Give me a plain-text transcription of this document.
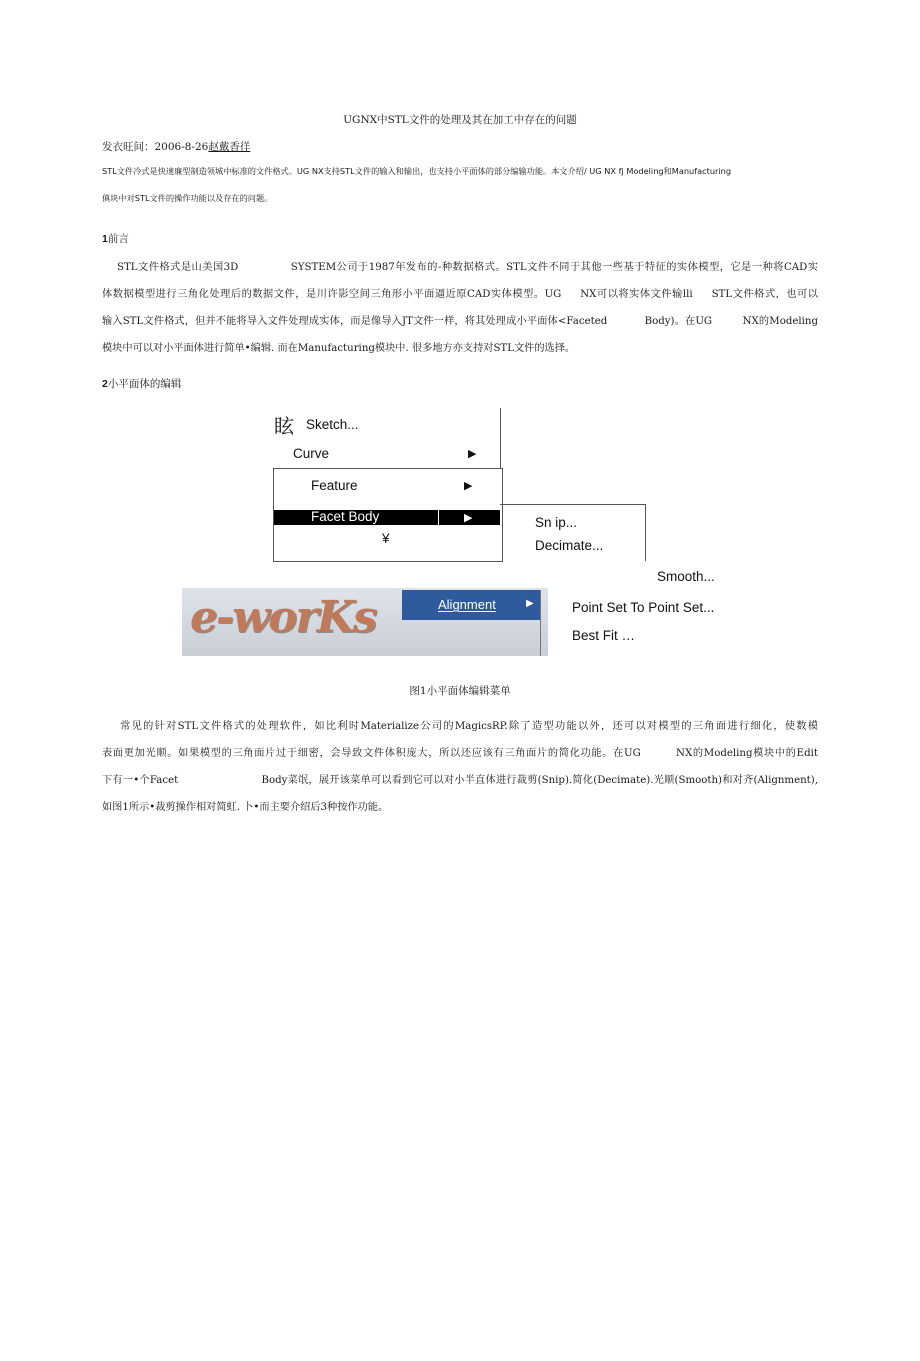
UGNX中STL文件的处理及其在加工中存在的问题
发衣旺间：2006-8-26赵戴香徉
STL文件冷式是快速廉型制造领城中标准的文件格式。UG NX支持STL文件的输入和输出，也支持小平面体的部分编输功能。本文介绍/ UG NX fj Modeling和Manufacturing
傎块中对STL文件的操作功能以及存在的问题。
1前言
STL文件格式是山美国3D              SYSTEM公司于1987年发布的-种数据格式。STL文件不同于其他一些基于特征的实体模型，它是一种将CAD实
体数据模型进行三角化处理后的数据文件，是川许影空间三角形小平面逼近原CAD实体模型。UG     NX可以将实体文件输lli     STL文件格式，也可以
输入STL文件格式，但并不能将导入文件处理成实体，而是像导入JT文件一样，将其处理成小平面体<Faceted           Body)。在UG         NX的Modeling
模块中可以对小平面体进行简单•编辑. 而在Manufacturing模块中. 很多地方亦支持对STL文件的选择。
2小平面体的编辑
眩 Sketch...
Curve	▶
Feature	▶
Facet Body	▶
¥
Sn ip...
Decimate...
Smooth...
e-worKs	Alignment	▶	Point Set To Point Set...
Best Fit …
图1小平面体编辑菜单
常见的针对STL文件格式的处理软件，如比利时Materialize公司的MagicsRP.除了造型功能以外，还可以对模型的三角面进行细化，使数模
表面更加光顺。如果模型的三角面片过于细密，会导致文件体积庞大，所以还应该有三角面片的简化功能。在UG         NX的Modeling模块中的Edit
下有一•个Facet                        Body菜氓，展开该菜单可以看到它可以对小半直体进行裁剪(Snip).简化(Decimate).光顺(Smooth)和对齐(Alignment),
如图1所示•裁剪操作相对简虹. 卜•而主要介绍后3种按作功能。
